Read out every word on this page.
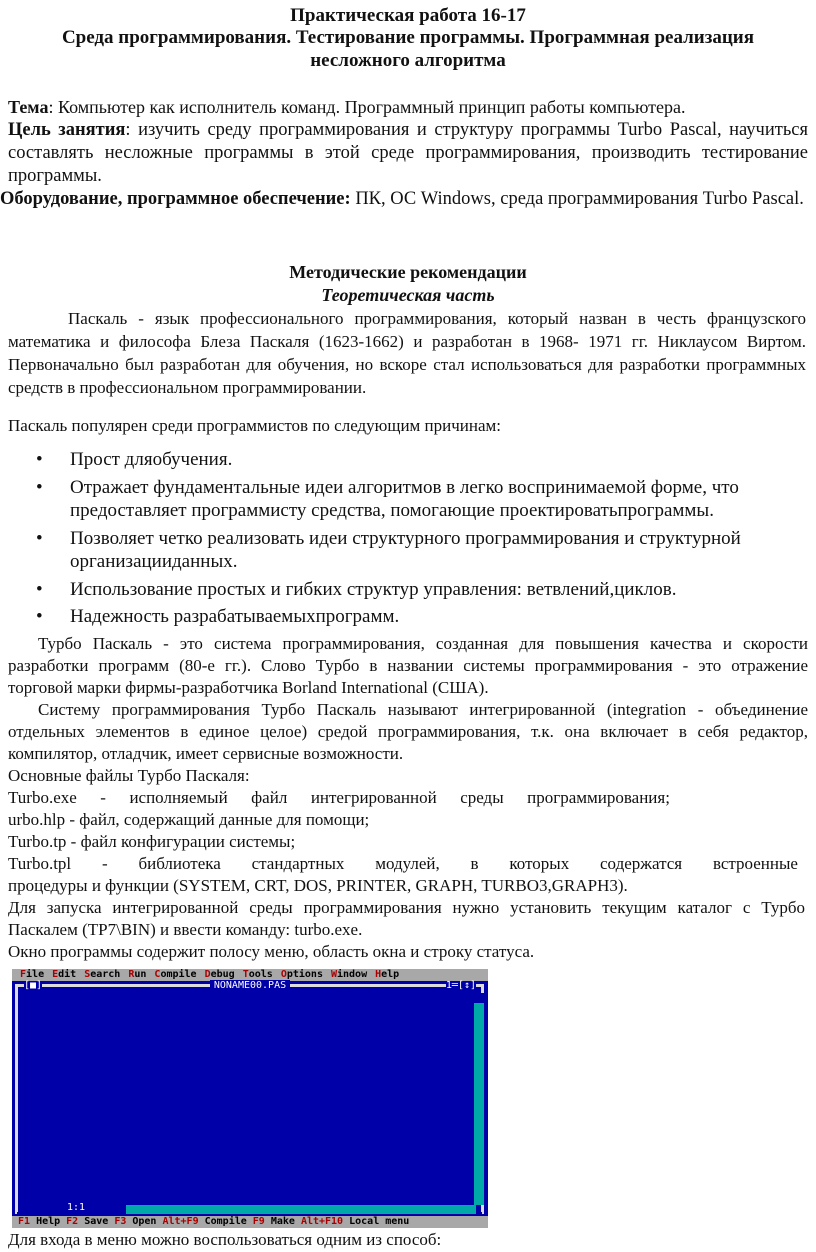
Практическая работа 16-17
Среда программирования. Тестирование программы. Программная реализация
несложного алгоритма
Тема: Компьютер как исполнитель команд. Программный принцип работы компьютера.
Цель занятия: изучить среду программирования и структуру программы Turbo Pascal, научиться составлять несложные программы в этой среде программирования, производить тестирование программы.
Оборудование, программное обеспечение: ПК, ОС Windows, среда программирования Turbo Pascal.
Методические рекомендации
Теоретическая часть
Паскаль - язык профессионального программирования, который назван в честь французского математика и философа Блеза Паскаля (1623-1662) и разработан в 1968- 1971 гг. Никлаусом Виртом. Первоначально был разработан для обучения, но вскоре стал использоваться для разработки программных средств в профессиональном программировании.
Паскаль популярен среди программистов по следующим причинам:
• Прост дляобучения.
• Отражает фундаментальные идеи алгоритмов в легко воспринимаемой форме, что предоставляет программисту средства, помогающие проектироватьпрограммы.
• Позволяет четко реализовать идеи структурного программирования и структурной организацииданных.
• Использование простых и гибких структур управления: ветвлений,циклов.
• Надежность разрабатываемыхпрограмм.
Турбо Паскаль - это система программирования, созданная для повышения качества и скорости разработки программ (80-е гг.). Слово Турбо в названии системы программирования - это отражение торговой марки фирмы-разработчика Borland International (США).
Систему программирования Турбо Паскаль называют интегрированной (integration - объединение отдельных элементов в единое целое) средой программирования, т.к. она включает в себя редактор, компилятор, отладчик, имеет сервисные возможности.
Основные файлы Турбо Паскаля:
Turbo.exe - исполняемый файл интегрированной среды программирования;
urbo.hlp - файл, содержащий данные для помощи;
Turbo.tp - файл конфигурации системы;
Turbo.tpl - библиотека стандартных модулей, в которых содержатся встроенные
процедуры и функции (SYSTEM, CRT, DOS, PRINTER, GRAPH, TURBO3,GRAPH3).
Для запуска интегрированной среды программирования нужно установить текущим каталог с Турбо Паскалем (TP7\BIN) и ввести команду: turbo.exe.
Окно программы содержит полосу меню, область окна и строку статуса.
File Edit Search Run Compile Debug Tools Options Window Help
[■]	NONAME00.PAS	1═[↕]
1:1
F1 Help F2 Save F3 Open Alt+F9 Compile F9 Make Alt+F10 Local menu
Для входа в меню можно воспользоваться одним из способ:
